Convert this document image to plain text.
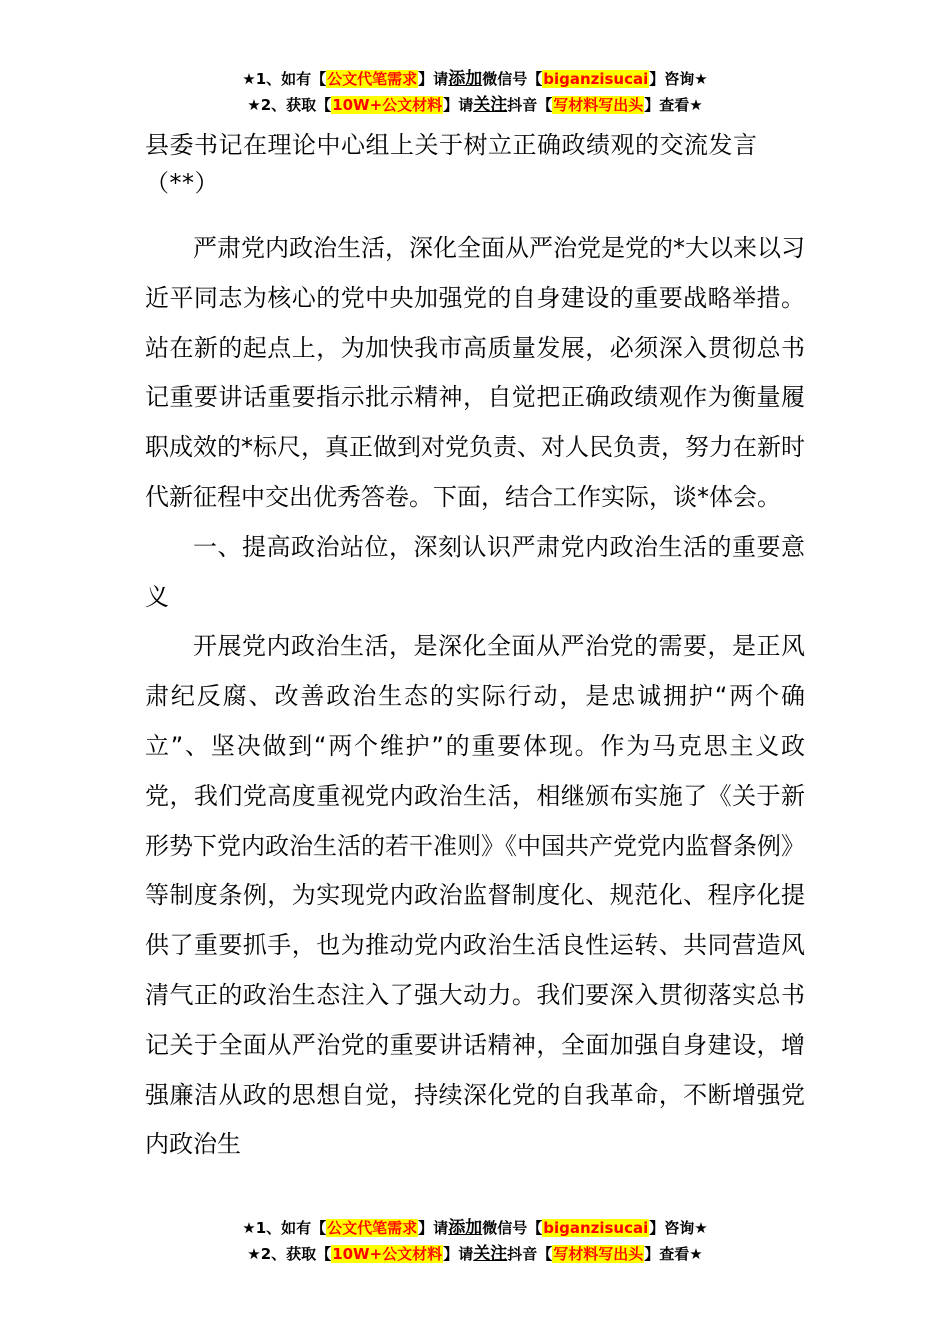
★1、如有【公文代笔需求】请添加微信号【biganzisucai】咨询★
★2、获取【10W+公文材料】请关注抖音【写材料写出头】查看★
县委书记在理论中心组上关于树立正确政绩观的交流发言（**）

严肃党内政治生活，深化全面从严治党是党的*大以来以习近平同志为核心的党中央加强党的自身建设的重要战略举措。站在新的起点上，为加快我市高质量发展，必须深入贯彻总书记重要讲话重要指示批示精神，自觉把正确政绩观作为衡量履职成效的*标尺，真正做到对党负责、对人民负责，努力在新时代新征程中交出优秀答卷。下面，结合工作实际，谈*体会。

一、提高政治站位，深刻认识严肃党内政治生活的重要意义

开展党内政治生活，是深化全面从严治党的需要，是正风肃纪反腐、改善政治生态的实际行动，是忠诚拥护“两个确立”、坚决做到“两个维护”的重要体现。作为马克思主义政党，我们党高度重视党内政治生活，相继颁布实施了《关于新形势下党内政治生活的若干准则》《中国共产党党内监督条例》等制度条例，为实现党内政治监督制度化、规范化、程序化提供了重要抓手，也为推动党内政治生活良性运转、共同营造风清气正的政治生态注入了强大动力。我们要深入贯彻落实总书记关于全面从严治党的重要讲话精神，全面加强自身建设，增强廉洁从政的思想自觉，持续深化党的自我革命，不断增强党内政治生

★1、如有【公文代笔需求】请添加微信号【biganzisucai】咨询★
★2、获取【10W+公文材料】请关注抖音【写材料写出头】查看★
